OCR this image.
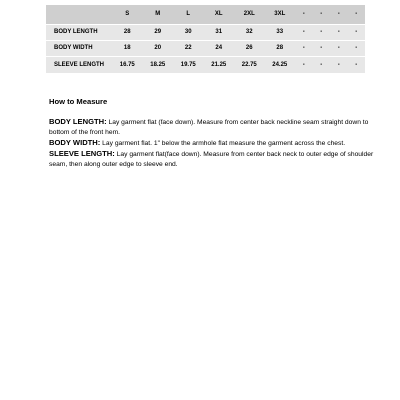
	S	M	L	XL	2XL	3XL	-	-	-	-
BODY LENGTH	28	29	30	31	32	33	-	-	-	-
BODY WIDTH	18	20	22	24	26	28	-	-	-	-
SLEEVE LENGTH	16.75	18.25	19.75	21.25	22.75	24.25	-	-	-	-
How to Measure

BODY LENGTH: Lay garment flat (face down). Measure from center back neckline seam straight down to bottom of the front hem.

BODY WIDTH: Lay garment flat. 1" below the armhole flat measure the garment across the chest.

SLEEVE LENGTH: Lay garment flat(face down). Measure from center back neck to outer edge of shoulder seam, then along outer edge to sleeve end.
